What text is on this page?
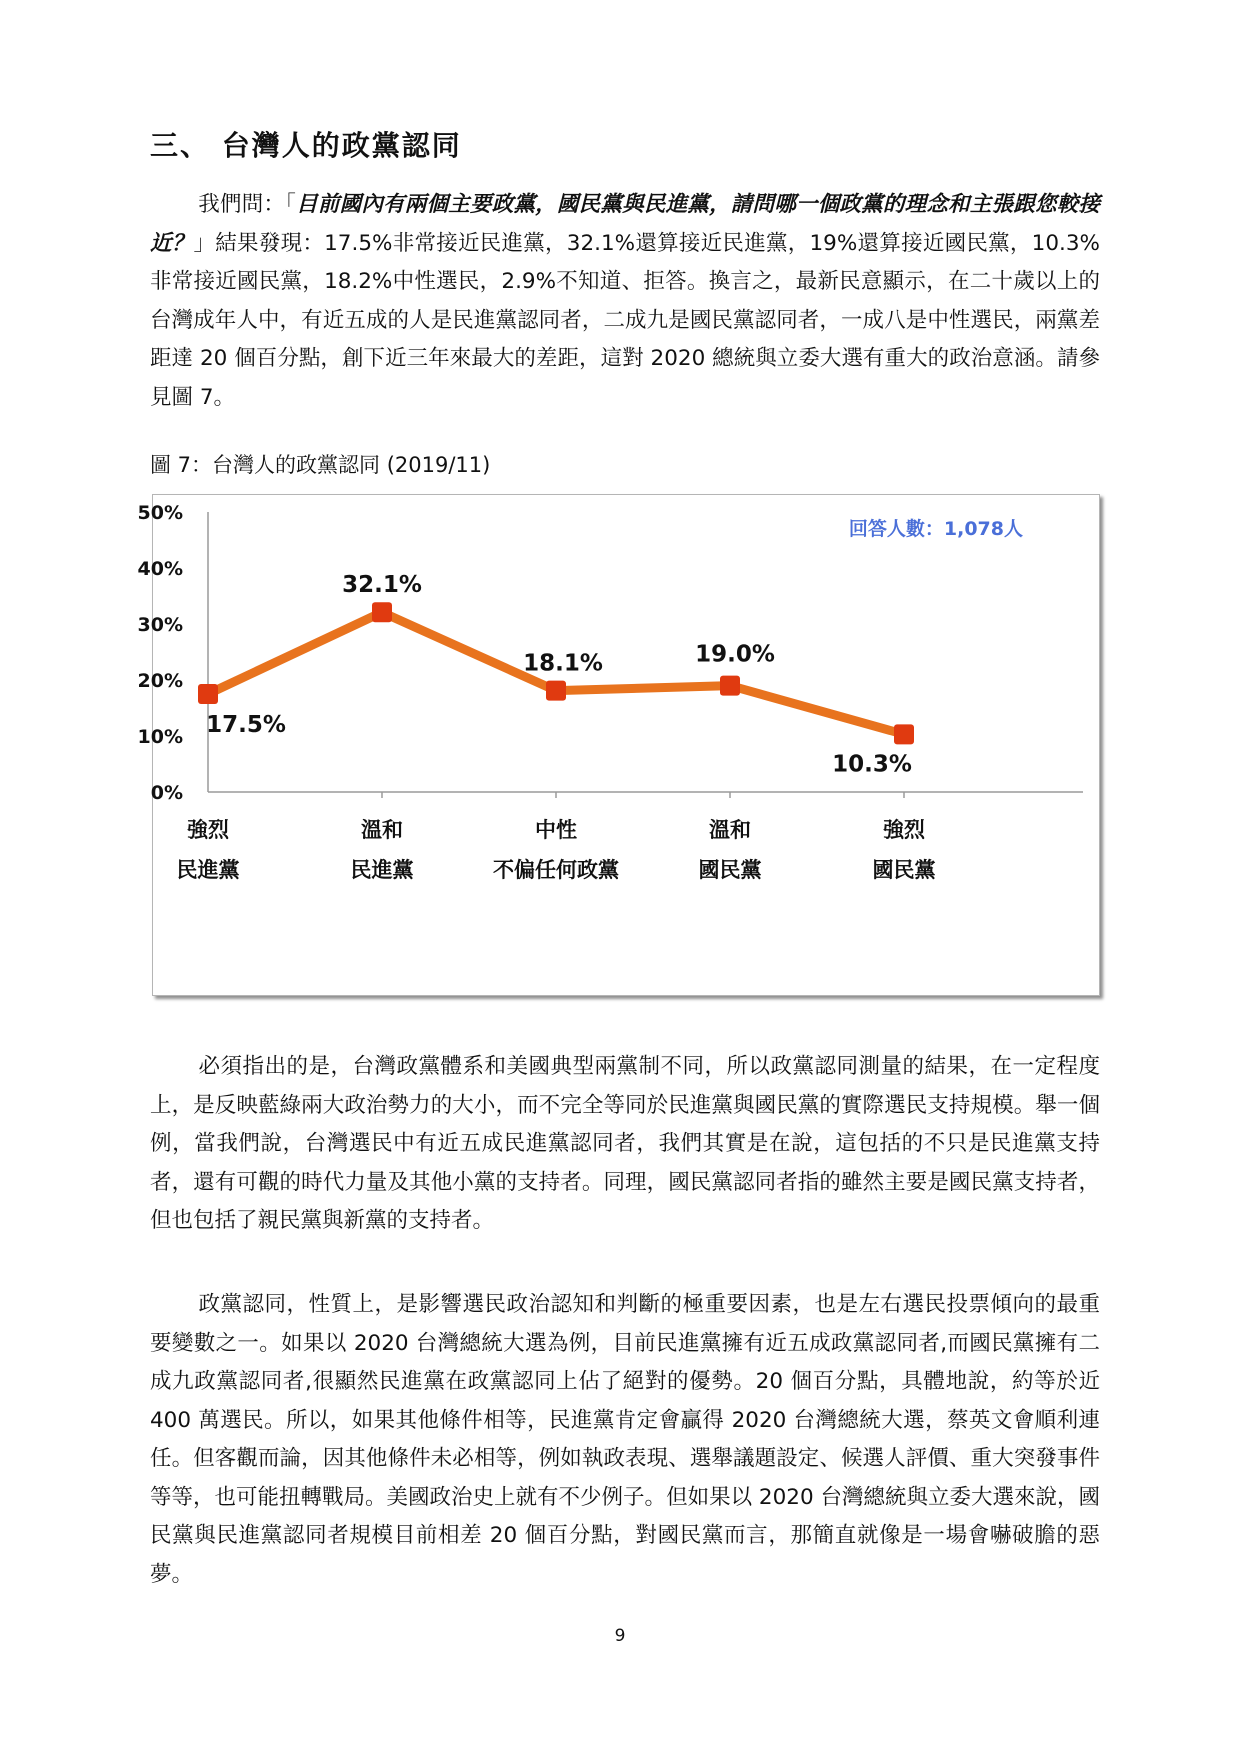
三、 台灣人的政黨認同
我們問：「目前國內有兩個主要政黨，國民黨與民進黨，請問哪一個政黨的理念和主張跟您較接近？」結果發現：17.5%非常接近民進黨，32.1%還算接近民進黨，19%還算接近國民黨，10.3%非常接近國民黨，18.2%中性選民，2.9%不知道、拒答。換言之，最新民意顯示，在二十歲以上的台灣成年人中，有近五成的人是民進黨認同者，二成九是國民黨認同者，一成八是中性選民，兩黨差距達 20 個百分點，創下近三年來最大的差距，這對 2020 總統與立委大選有重大的政治意涵。請參見圖 7。
圖 7：台灣人的政黨認同 (2019/11)
回答人數：1,078人
0%
10%
20%
30%
40%
50%
強烈
民進黨
溫和
民進黨
中性
不偏任何政黨
溫和
國民黨
強烈
國民黨
17.5%
32.1%
18.1%	19.0%
10.3%
必須指出的是，台灣政黨體系和美國典型兩黨制不同，所以政黨認同測量的結果，在一定程度上，是反映藍綠兩大政治勢力的大小，而不完全等同於民進黨與國民黨的實際選民支持規模。舉一個例，當我們說，台灣選民中有近五成民進黨認同者，我們其實是在說，這包括的不只是民進黨支持者，還有可觀的時代力量及其他小黨的支持者。同理，國民黨認同者指的雖然主要是國民黨支持者，但也包括了親民黨與新黨的支持者。
政黨認同，性質上，是影響選民政治認知和判斷的極重要因素，也是左右選民投票傾向的最重要變數之一。如果以 2020 台灣總統大選為例，目前民進黨擁有近五成政黨認同者,而國民黨擁有二成九政黨認同者,很顯然民進黨在政黨認同上佔了絕對的優勢。20 個百分點，具體地說，約等於近 400 萬選民。所以，如果其他條件相等，民進黨肯定會贏得 2020 台灣總統大選，蔡英文會順利連任。但客觀而論，因其他條件未必相等，例如執政表現、選舉議題設定、候選人評價、重大突發事件等等，也可能扭轉戰局。美國政治史上就有不少例子。但如果以 2020 台灣總統與立委大選來說，國民黨與民進黨認同者規模目前相差 20 個百分點，對國民黨而言，那簡直就像是一場會嚇破膽的惡夢。
9
